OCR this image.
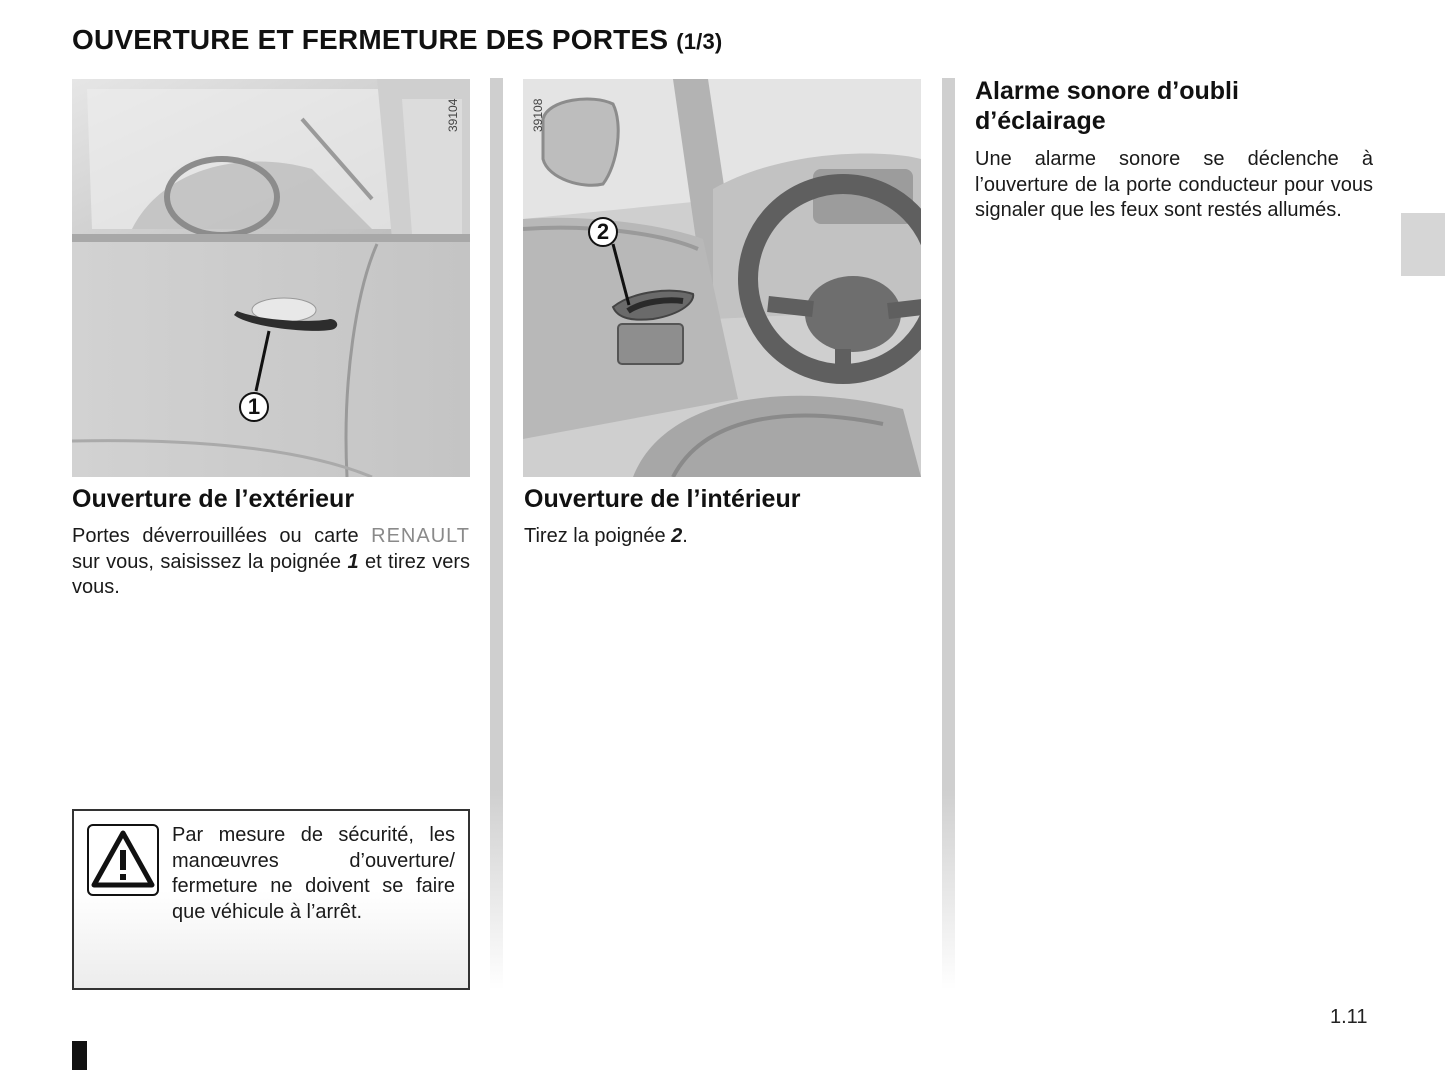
OUVERTURE ET FERMETURE DES PORTES (1/3)
39104
1
Ouverture de l’extérieur

Portes déverrouillées ou carte RENAULT sur vous, saisissez la poignée 1 et tirez vers vous.

Par mesure de sécurité, les manœuvres d’ouverture/ fermeture ne doivent se faire que véhicule à l’arrêt.

39108
2
Ouverture de l’intérieur

Tirez la poignée 2.

Alarme sonore d’oubli d’éclairage

Une alarme sonore se déclenche à l’ouverture de la porte conducteur pour vous signaler que les feux sont restés allumés.

1.11
